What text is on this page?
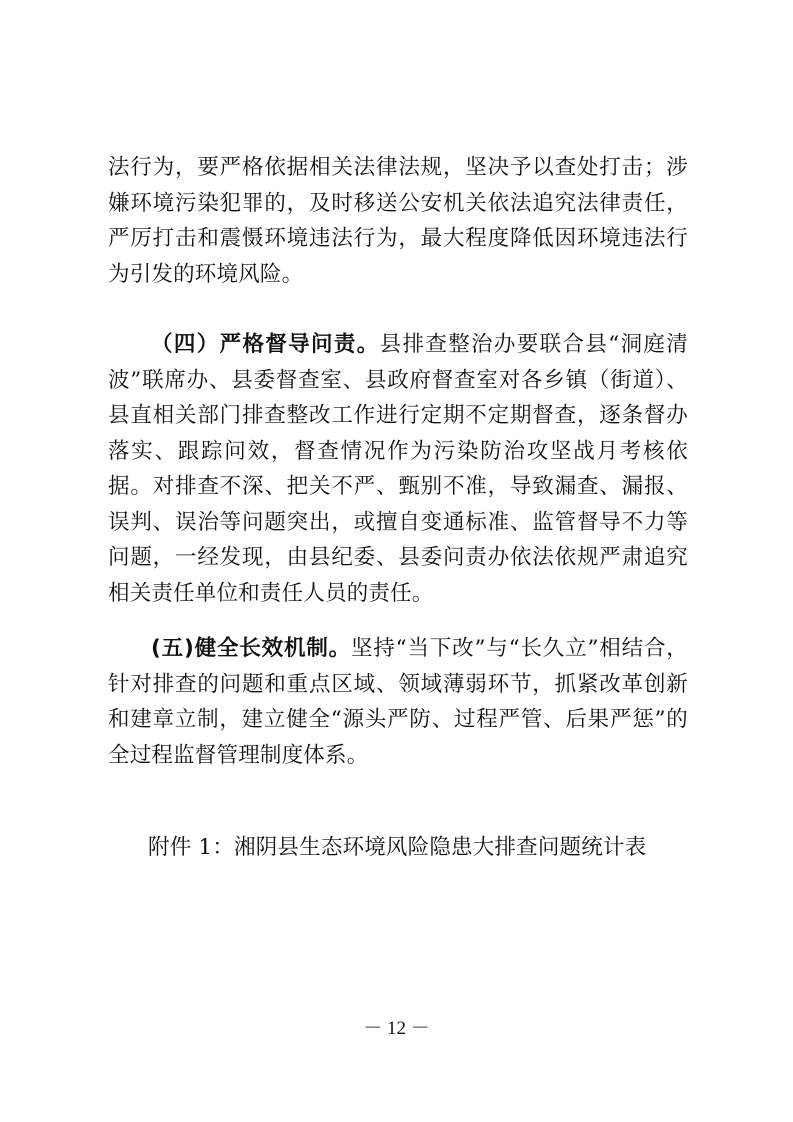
法行为，要严格依据相关法律法规，坚决予以查处打击；涉嫌环境污染犯罪的，及时移送公安机关依法追究法律责任，严厉打击和震慑环境违法行为，最大程度降低因环境违法行为引发的环境风险。

（四）严格督导问责。县排查整治办要联合县“洞庭清波”联席办、县委督查室、县政府督查室对各乡镇（街道）、县直相关部门排查整改工作进行定期不定期督查，逐条督办落实、跟踪问效，督查情况作为污染防治攻坚战月考核依据。对排查不深、把关不严、甄别不准，导致漏查、漏报、误判、误治等问题突出，或擅自变通标准、监管督导不力等问题，一经发现，由县纪委、县委问责办依法依规严肃追究相关责任单位和责任人员的责任。

(五)健全长效机制。坚持“当下改”与“长久立”相结合，针对排查的问题和重点区域、领域薄弱环节，抓紧改革创新和建章立制，建立健全“源头严防、过程严管、后果严惩”的全过程监督管理制度体系。

附件 1：湘阴县生态环境风险隐患大排查问题统计表

－ 12 －
